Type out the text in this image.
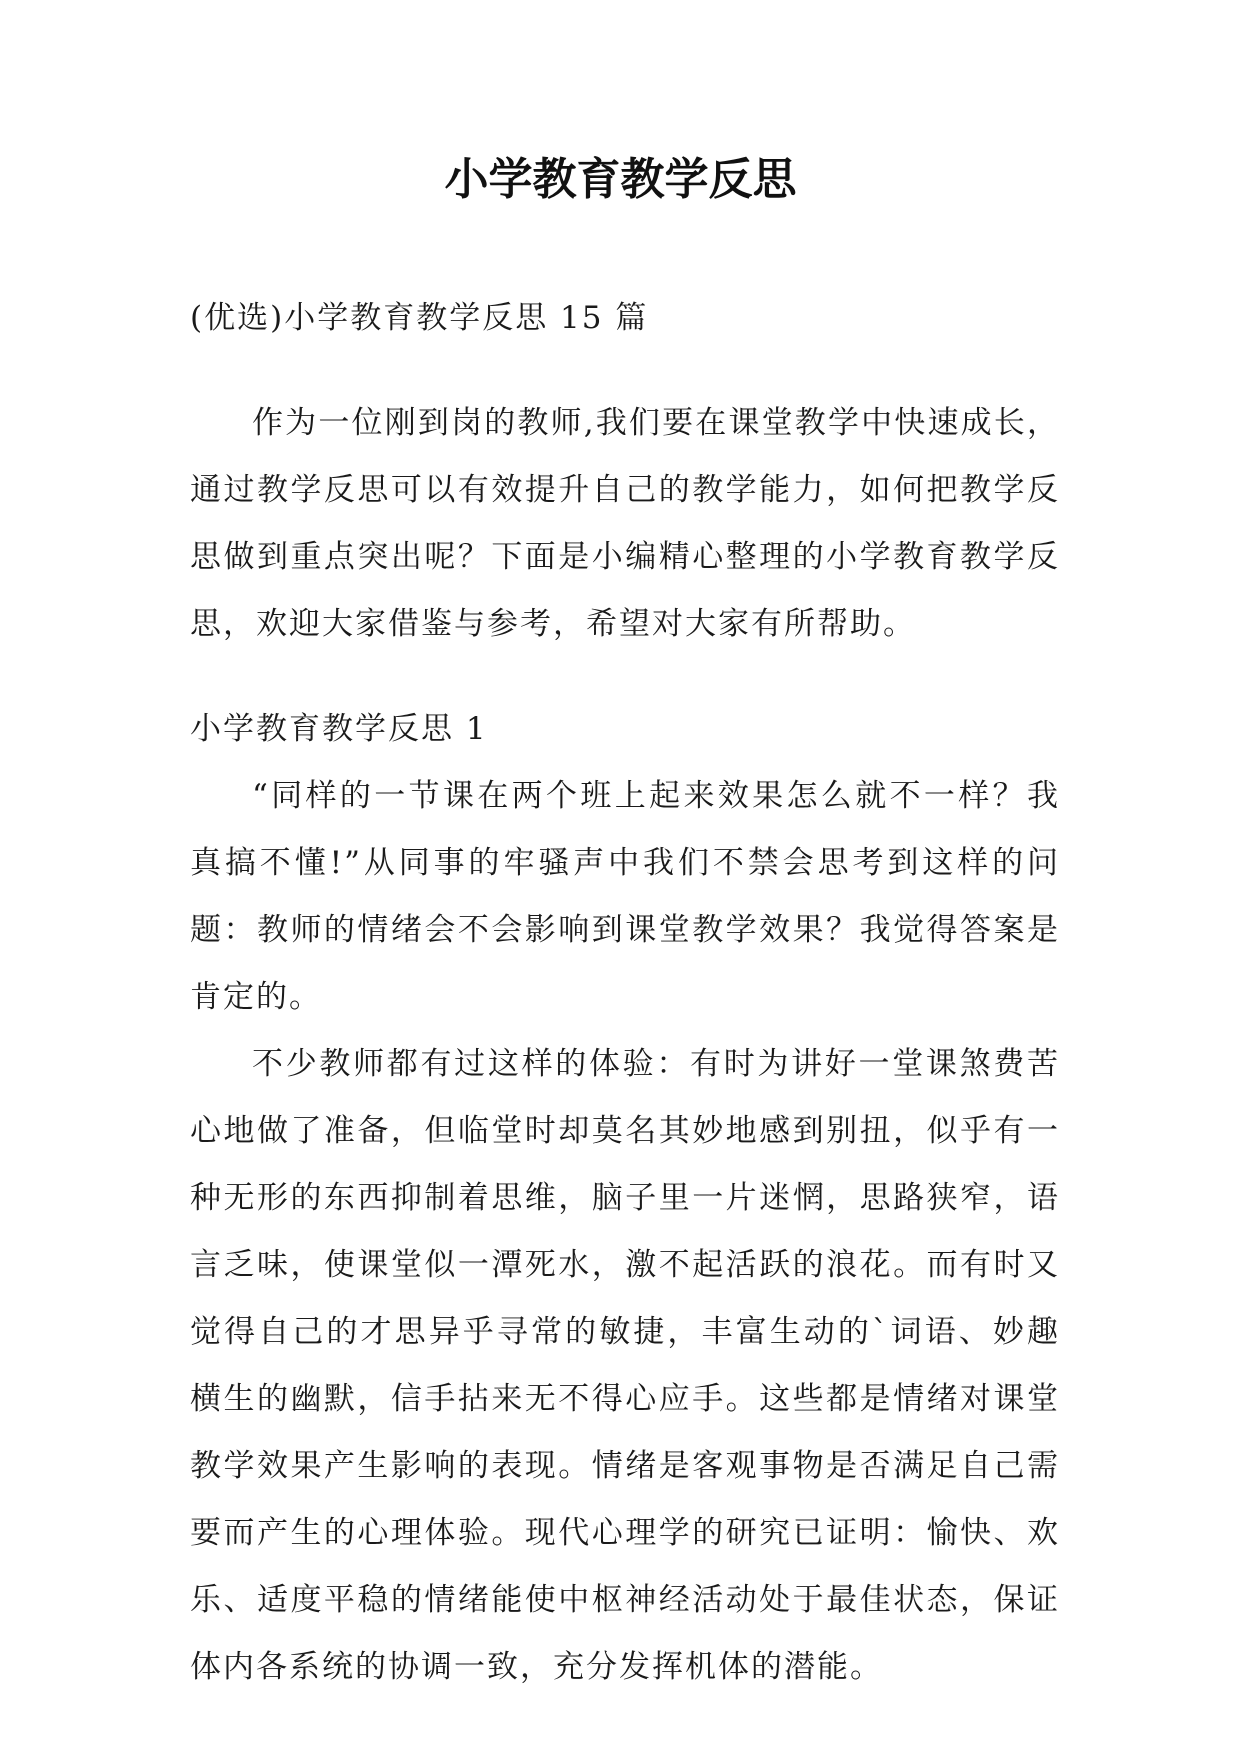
小学教育教学反思

(优选)小学教育教学反思 15 篇

作为一位刚到岗的教师,我们要在课堂教学中快速成长，通过教学反思可以有效提升自己的教学能力，如何把教学反思做到重点突出呢？下面是小编精心整理的小学教育教学反思，欢迎大家借鉴与参考，希望对大家有所帮助。

小学教育教学反思 1

“同样的一节课在两个班上起来效果怎么就不一样？我真搞不懂!”从同事的牢骚声中我们不禁会思考到这样的问题：教师的情绪会不会影响到课堂教学效果？我觉得答案是肯定的。

不少教师都有过这样的体验：有时为讲好一堂课煞费苦心地做了准备，但临堂时却莫名其妙地感到别扭，似乎有一种无形的东西抑制着思维，脑子里一片迷惘，思路狭窄，语言乏味，使课堂似一潭死水，激不起活跃的浪花。而有时又觉得自己的才思异乎寻常的敏捷，丰富生动的`词语、妙趣横生的幽默，信手拈来无不得心应手。这些都是情绪对课堂教学效果产生影响的表现。情绪是客观事物是否满足自己需要而产生的心理体验。现代心理学的研究已证明：愉快、欢乐、适度平稳的情绪能使中枢神经活动处于最佳状态，保证体内各系统的协调一致，充分发挥机体的潜能。
